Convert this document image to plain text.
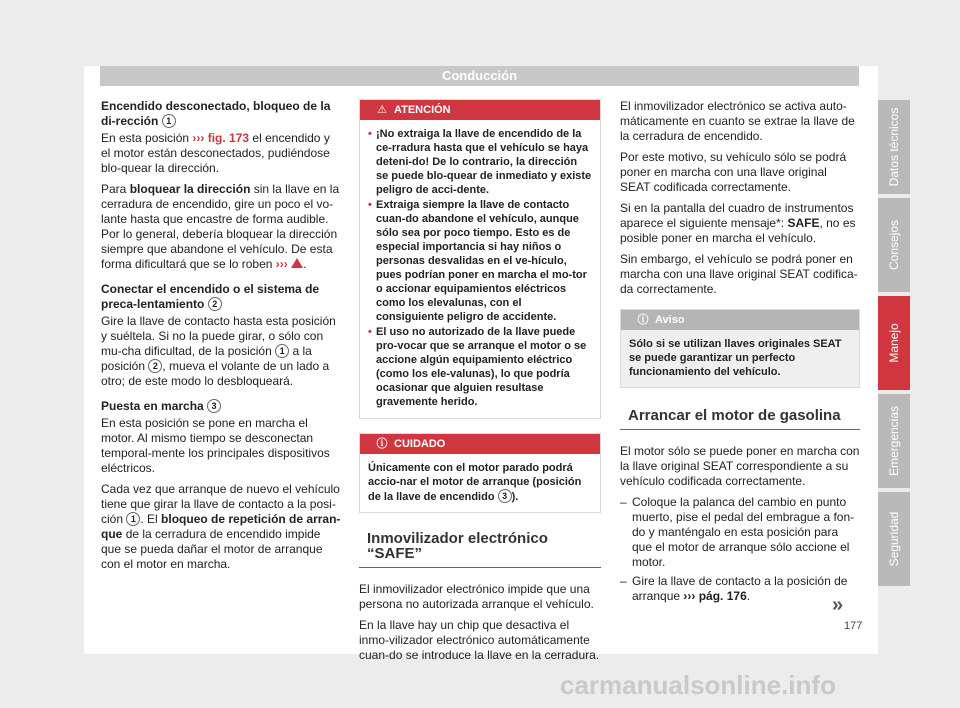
Conducción

Encendido desconectado, bloqueo de la di-rección 1

En esta posición ››› fig. 173 el encendido y el motor están desconectados, pudiéndose blo-quear la dirección.

Para bloquear la dirección sin la llave en la cerradura de encendido, gire un poco el vo-lante hasta que encastre de forma audible. Por lo general, debería bloquear la dirección siempre que abandone el vehículo. De esta forma dificultará que se lo roben ››› .

Conectar el encendido o el sistema de preca-lentamiento 2

Gire la llave de contacto hasta esta posición y suéltela. Si no la puede girar, o sólo con mu-cha dificultad, de la posición 1 a la posición 2 , mueva el volante de un lado a otro; de este modo lo desbloqueará.

Puesta en marcha 3

En esta posición se pone en marcha el motor. Al mismo tiempo se desconectan temporal-mente los principales dispositivos eléctricos.

Cada vez que arranque de nuevo el vehículo tiene que girar la llave de contacto a la posi-ción 1 . El bloqueo de repetición de arran-que de la cerradura de encendido impide que se pueda dañar el motor de arranque con el motor en marcha.

⚠ ATENCIÓN
• ¡No extraiga la llave de encendido de la ce-rradura hasta que el vehículo se haya deteni-do! De lo contrario, la dirección se puede blo-quear de inmediato y existe peligro de acci-dente.
• Extraiga siempre la llave de contacto cuan-do abandone el vehículo, aunque sólo sea por poco tiempo. Esto es de especial importancia si hay niños o personas desvalidas en el ve-hículo, pues podrían poner en marcha el mo-tor o accionar equipamientos eléctricos como los elevalunas, con el consiguiente peligro de accidente.
• El uso no autorizado de la llave puede pro-vocar que se arranque el motor o se accione algún equipamiento eléctrico (como los ele-valunas), lo que podría ocasionar que alguien resultase gravemente herido.
ⓘ CUIDADO
Únicamente con el motor parado podrá accio-nar el motor de arranque (posición de la llave de encendido 3 ).
Inmovilizador electrónico “SAFE”

El inmovilizador electrónico impide que una persona no autorizada arranque el vehículo.

En la llave hay un chip que desactiva el inmo-vilizador electrónico automáticamente cuan-do se introduce la llave en la cerradura.

El inmovilizador electrónico se activa auto-máticamente en cuanto se extrae la llave de la cerradura de encendido.

Por este motivo, su vehículo sólo se podrá poner en marcha con una llave original SEAT codificada correctamente.

Si en la pantalla del cuadro de instrumentos aparece el siguiente mensaje*: SAFE, no es posible poner en marcha el vehículo.

Sin embargo, el vehículo se podrá poner en marcha con una llave original SEAT codifica-da correctamente.

ⓘ Aviso
Sólo si se utilizan llaves originales SEAT se puede garantizar un perfecto funcionamiento del vehículo.
Arrancar el motor de gasolina

El motor sólo se puede poner en marcha con la llave original SEAT correspondiente a su vehículo codificada correctamente.

– Coloque la palanca del cambio en punto muerto, pise el pedal del embrague a fon-do y manténgalo en esta posición para que el motor de arranque sólo accione el motor.
– Gire la llave de contacto a la posición de arranque ››› pág. 176.	»
177
Datos técnicos
Consejos
Manejo
Emergencias
Seguridad
carmanualsonline.info
